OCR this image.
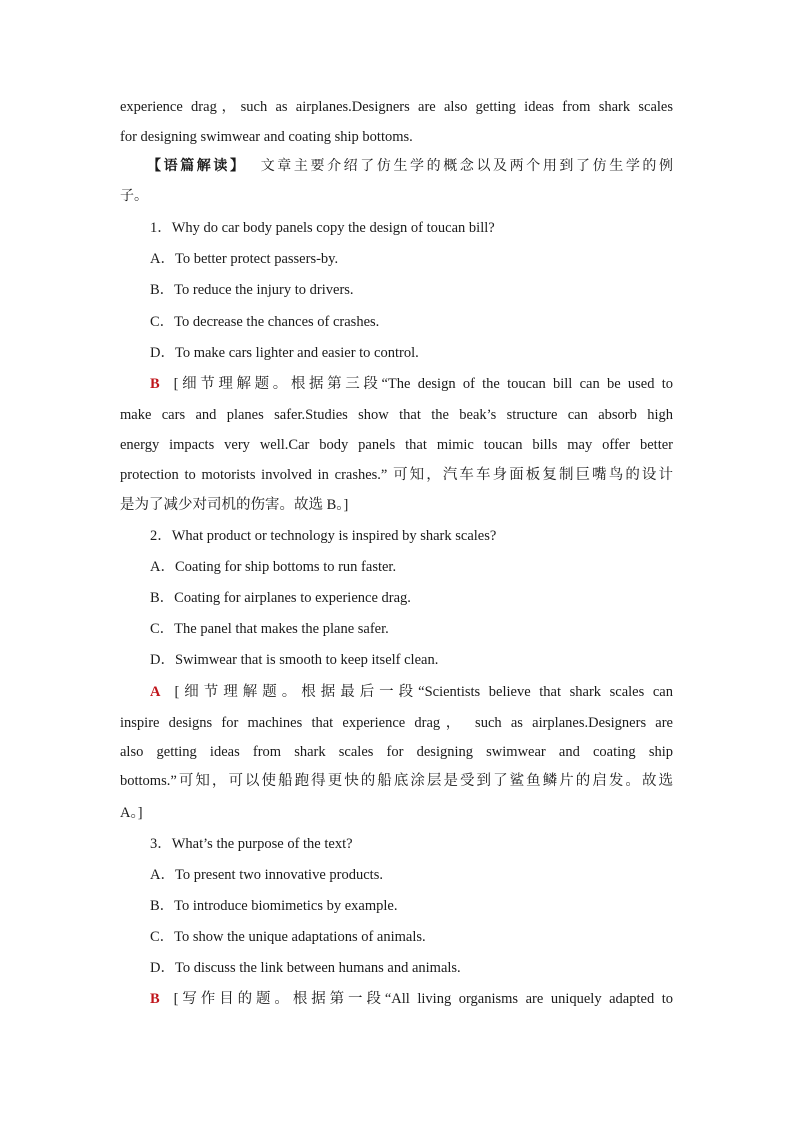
experience drag，such as airplanes.Designers are also getting ideas from shark scales
for designing swimwear and coating ship bottoms.
【语篇解读】 文章主要介绍了仿生学的概念以及两个用到了仿生学的例
子。
1．Why do car body panels copy the design of toucan bill?
A．To better protect passers-by.
B．To reduce the injury to drivers.
C．To decrease the chances of crashes.
D．To make cars lighter and easier to control.
B [细节理解题。根据第三段“The design of the toucan bill can be used to
make cars and planes safer.Studies show that the beak’s structure can absorb high
energy impacts very well.Car body panels that mimic toucan bills may offer better
protection to motorists involved in crashes.” 可知，汽车车身面板复制巨嘴鸟的设计
是为了减少对司机的伤害。故选 B。]
2．What product or technology is inspired by shark scales?
A．Coating for ship bottoms to run faster.
B．Coating for airplanes to experience drag.
C．The panel that makes the plane safer.
D．Swimwear that is smooth to keep itself clean.
A [细节理解题。根据最后一段“Scientists believe that shark scales can
inspire designs for machines that experience drag， such as airplanes.Designers are
also getting ideas from shark scales for designing swimwear and coating ship
bottoms.”可知，可以使船跑得更快的船底涂层是受到了鲨鱼鳞片的启发。故选
A。]
3．What’s the purpose of the text?
A．To present two innovative products.
B．To introduce biomimetics by example.
C．To show the unique adaptations of animals.
D．To discuss the link between humans and animals.
B [写作目的题。根据第一段“All living organisms are uniquely adapted to
